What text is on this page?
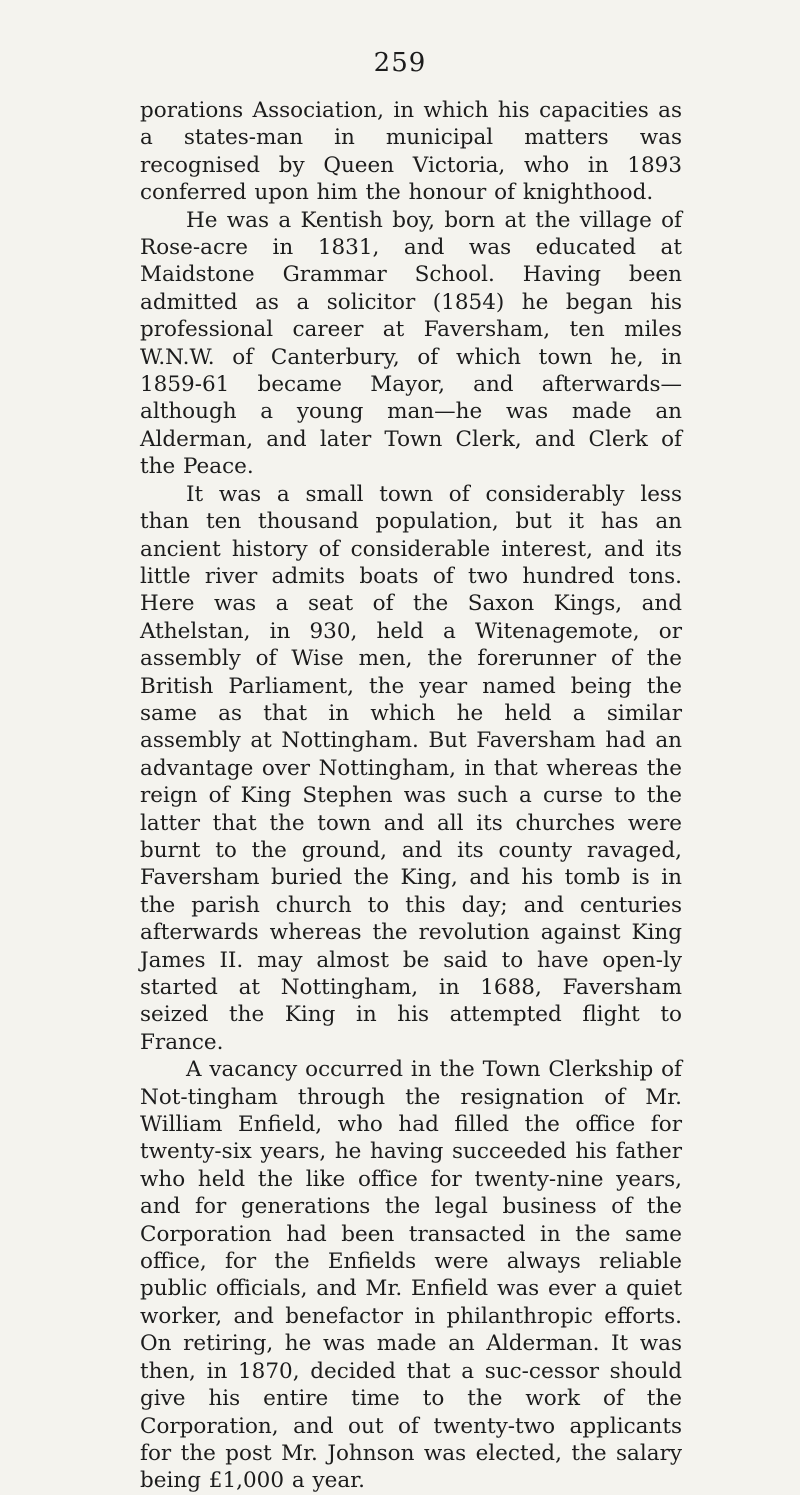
259

porations Association, in which his capacities as a states-man in municipal matters was recognised by Queen Victoria, who in 1893 conferred upon him the honour of knighthood.

He was a Kentish boy, born at the village of Rose-acre in 1831, and was educated at Maidstone Grammar School. Having been admitted as a solicitor (1854) he began his professional career at Faversham, ten miles W.N.W. of Canterbury, of which town he, in 1859-61 became Mayor, and afterwards—although a young man—he was made an Alderman, and later Town Clerk, and Clerk of the Peace.

It was a small town of considerably less than ten thousand population, but it has an ancient history of considerable interest, and its little river admits boats of two hundred tons. Here was a seat of the Saxon Kings, and Athelstan, in 930, held a Witenagemote, or assembly of Wise men, the forerunner of the British Parliament, the year named being the same as that in which he held a similar assembly at Nottingham. But Faversham had an advantage over Nottingham, in that whereas the reign of King Stephen was such a curse to the latter that the town and all its churches were burnt to the ground, and its county ravaged, Faversham buried the King, and his tomb is in the parish church to this day; and centuries afterwards whereas the revolution against King James II. may almost be said to have open-ly started at Nottingham, in 1688, Faversham seized the King in his attempted flight to France.

A vacancy occurred in the Town Clerkship of Not-tingham through the resignation of Mr. William Enfield, who had filled the office for twenty-six years, he having succeeded his father who held the like office for twenty-nine years, and for generations the legal business of the Corporation had been transacted in the same office, for the Enfields were always reliable public officials, and Mr. Enfield was ever a quiet worker, and benefactor in philanthropic efforts. On retiring, he was made an Alderman. It was then, in 1870, decided that a suc-cessor should give his entire time to the work of the Corporation, and out of twenty-two applicants for the post Mr. Johnson was elected, the salary being £1,000 a year.
